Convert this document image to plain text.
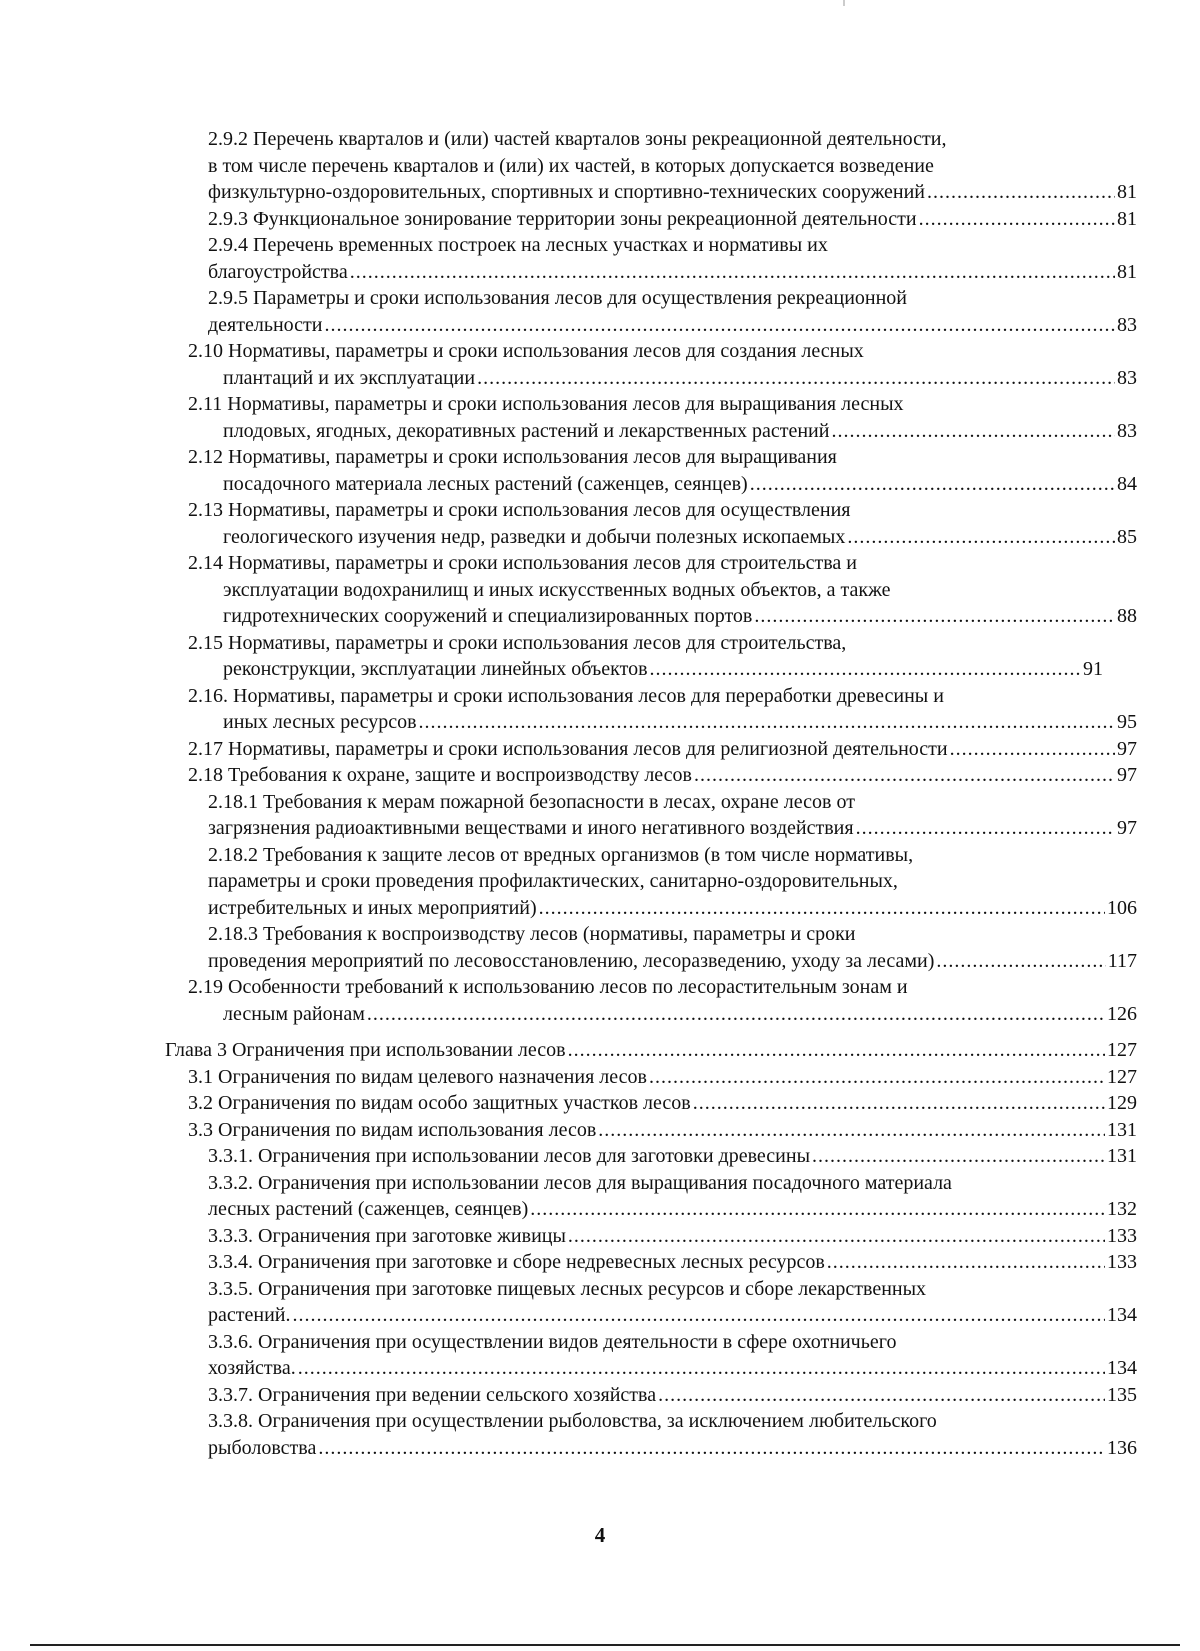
2.9.2 Перечень кварталов и (или) частей кварталов зоны рекреационной деятельности,
в том числе перечень кварталов и (или) их частей, в которых допускается возведение
физкультурно-оздоровительных, спортивных и спортивно-технических сооружений .....	81
2.9.3 Функциональное зонирование территории зоны рекреационной деятельности .....	81
2.9.4 Перечень временных построек на лесных участках и нормативы их
благоустройства .....	81
2.9.5 Параметры и сроки использования лесов для осуществления рекреационной
деятельности .....	83
2.10 Нормативы, параметры и сроки использования лесов для создания лесных
плантаций и их эксплуатации .....	83
2.11 Нормативы, параметры и сроки использования лесов для выращивания лесных
плодовых, ягодных, декоративных растений и лекарственных растений .....	83
2.12 Нормативы, параметры и сроки использования лесов для выращивания
посадочного материала лесных растений (саженцев, сеянцев) .....	84
2.13 Нормативы, параметры и сроки использования лесов для осуществления
геологического изучения недр, разведки и добычи полезных ископаемых .....	85
2.14 Нормативы, параметры и сроки использования лесов для строительства и
эксплуатации водохранилищ и иных искусственных водных объектов, а также
гидротехнических сооружений и специализированных портов .....	88
2.15 Нормативы, параметры и сроки использования лесов для строительства,
реконструкции, эксплуатации линейных объектов .....	91
2.16. Нормативы, параметры и сроки использования лесов для переработки древесины и
иных лесных ресурсов .....	95
2.17 Нормативы, параметры и сроки использования лесов для религиозной деятельности .....	97
2.18 Требования к охране, защите и воспроизводству лесов .....	97
2.18.1 Требования к мерам пожарной безопасности в лесах, охране лесов от
загрязнения радиоактивными веществами и иного негативного воздействия .....	97
2.18.2 Требования к защите лесов от вредных организмов (в том числе нормативы,
параметры и сроки проведения профилактических, санитарно-оздоровительных,
истребительных и иных мероприятий) .....	106
2.18.3 Требования к воспроизводству лесов (нормативы, параметры и сроки
проведения мероприятий по лесовосстановлению, лесоразведению, уходу за лесами) .....	117
2.19 Особенности требований к использованию лесов по лесорастительным зонам и
лесным районам .....	126
Глава 3 Ограничения при использовании лесов .....	127
3.1 Ограничения по видам целевого назначения лесов .....	127
3.2 Ограничения по видам особо защитных участков лесов .....	129
3.3 Ограничения по видам использования лесов .....	131
3.3.1. Ограничения при использовании лесов для заготовки древесины .....	131
3.3.2. Ограничения при использовании лесов для выращивания посадочного материала
лесных растений (саженцев, сеянцев) .....	132
3.3.3. Ограничения при заготовке живицы .....	133
3.3.4. Ограничения при заготовке и сборе недревесных лесных ресурсов .....	133
3.3.5. Ограничения при заготовке пищевых лесных ресурсов и сборе лекарственных
растений. .....	134
3.3.6. Ограничения при осуществлении видов деятельности в сфере охотничьего
хозяйства. .....	134
3.3.7. Ограничения при ведении сельского хозяйства .....	135
3.3.8. Ограничения при осуществлении рыболовства, за исключением любительского
рыболовства .....	136
4
